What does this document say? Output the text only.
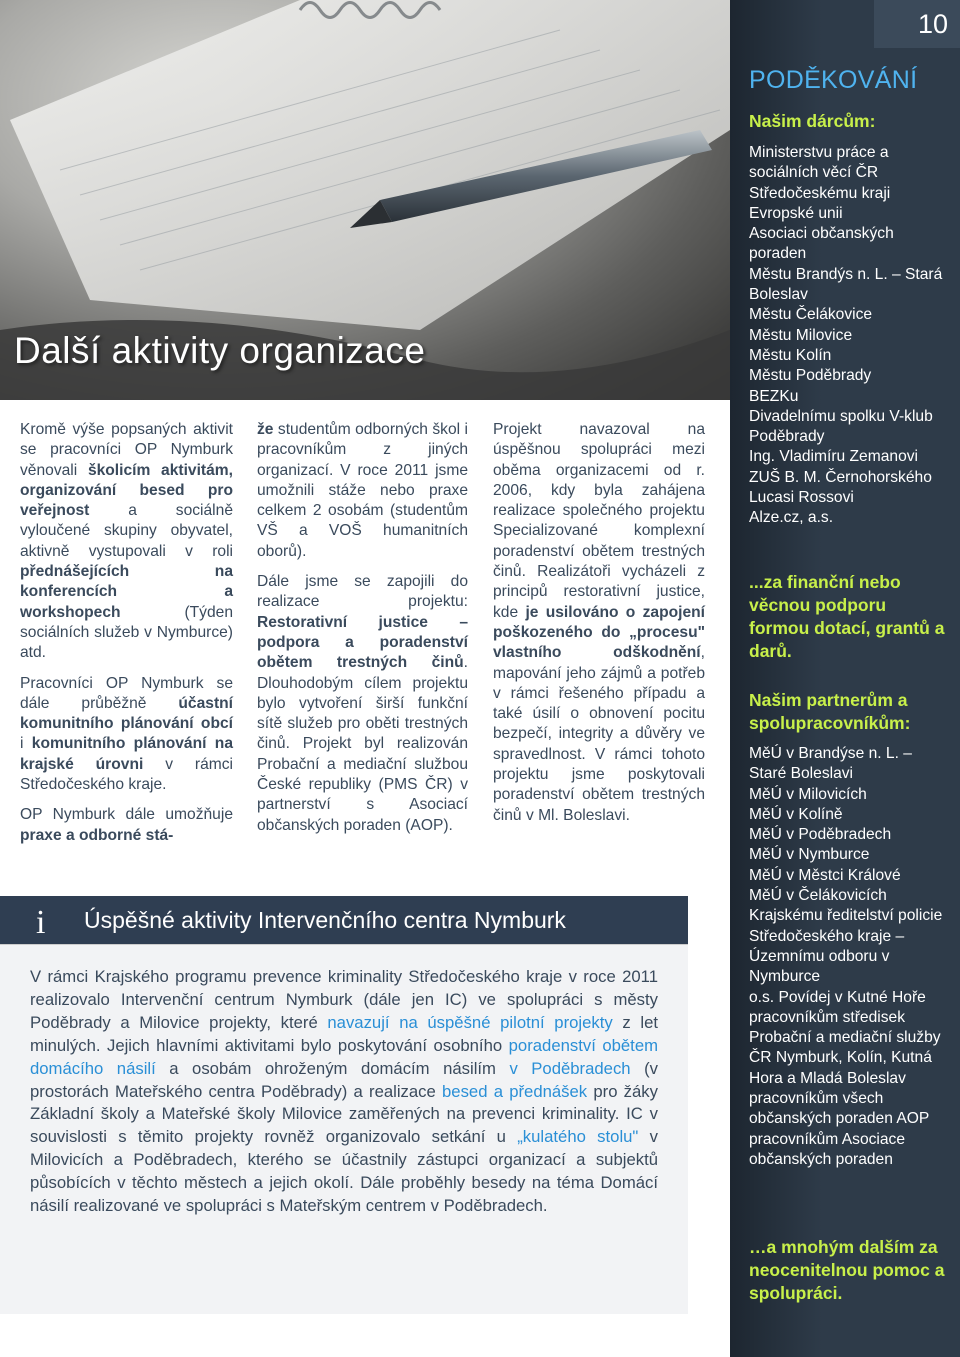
Další aktivity organizace

Kromě výše popsaných aktivit se pracovníci OP Nymburk věnovali školicím aktivitám, organizování besed pro veřejnost a sociálně vyloučené skupiny obyvatel, aktivně vystupovali v roli přednášejících na konferencích a workshopech (Týden sociálních služeb v Nymburce) atd.

Pracovníci OP Nymburk se dále průběžně účastní komunitního plánování obcí i komunitního plánování na krajské úrovni v rámci Středočeského kraje.

OP Nymburk dále umožňuje praxe a odborné stá-

že studentům odborných škol i pracovníkům z jiných organizací. V roce 2011 jsme umožnili stáže nebo praxe celkem 2 osobám (studentům VŠ a VOŠ humanitních oborů).

Dále jsme se zapojili do realizace projektu: Restorativní justice – podpora a poradenství obětem trestných činů. Dlouhodobým cílem projektu bylo vytvoření širší funkční sítě služeb pro oběti trestných činů. Projekt byl realizován Probační a mediační službou České republiky (PMS ČR) v partnerství s Asociací občanských poraden (AOP).

Projekt navazoval na úspěšnou spolupráci mezi oběma organizacemi od r. 2006, kdy byla zahájena realizace společného projektu Specializované komplexní poradenství obětem trestných činů. Realizátoři vycházeli z principů restorativní justice, kde je usilováno o zapojení poškozeného do „procesu" vlastního odškodnění, mapování jeho zájmů a potřeb v rámci řešeného případu a také úsilí o obnovení pocitu bezpečí, integrity a důvěry ve spravedlnost. V rámci tohoto projektu jsme poskytovali poradenství obětem trestných činů v Ml. Boleslavi.

i Úspěšné aktivity Intervenčního centra Nymburk
V rámci Krajského programu prevence kriminality Středočeského kraje v roce 2011 realizovalo Intervenční centrum Nymburk (dále jen IC) ve spolupráci s městy Poděbrady a Milovice projekty, které navazují na úspěšné pilotní projekty z let minulých. Jejich hlavními aktivitami bylo poskytování osobního poradenství obětem domácího násilí a osobám ohroženým domácím násilím v Poděbradech (v prostorách Mateřského centra Poděbrady) a realizace besed a přednášek pro žáky Základní školy a Mateřské školy Milovice zaměřených na prevenci kriminality. IC v souvislosti s těmito projekty rovněž organizovalo setkání u „kulatého stolu" v Milovicích a Poděbradech, kterého se účastnily zástupci organizací a subjektů působících v těchto městech a jejich okolí. Dále proběhly besedy na téma Domácí násilí realizované ve spolupráci s Mateřským centrem v Poděbradech.
10
PODĚKOVÁNÍ
Našim dárcům:
Ministerstvu práce a sociálních věcí ČR
Středočeskému kraji
Evropské unii
Asociaci občanských poraden
Městu Brandýs n. L. – Stará Boleslav
Městu Čelákovice
Městu Milovice
Městu Kolín
Městu Poděbrady
BEZKu
Divadelnímu spolku V-klub Poděbrady
Ing. Vladimíru Zemanovi
ZUŠ B. M. Černohorského
Lucasi Rossovi
Alze.cz, a.s.
...za finanční nebo věcnou podporu formou dotací, grantů a darů.
Našim partnerům a spolupracovníkům:
MěÚ v Brandýse n. L. – Staré Boleslavi
MěÚ v Milovicích
MěÚ v Kolíně
MěÚ v Poděbradech
MěÚ v Nymburce
MěÚ v Městci Králové
MěÚ v Čelákovicích
Krajskému ředitelství policie Středočeského kraje – Územnímu odboru v Nymburce
o.s. Povídej v Kutné Hoře
pracovníkům středisek Probační a mediační služby ČR Nymburk, Kolín, Kutná Hora a Mladá Boleslav
pracovníkům všech občanských poraden AOP
pracovníkům Asociace občanských poraden
…a mnohým dalším za neocenitelnou pomoc a spolupráci.
